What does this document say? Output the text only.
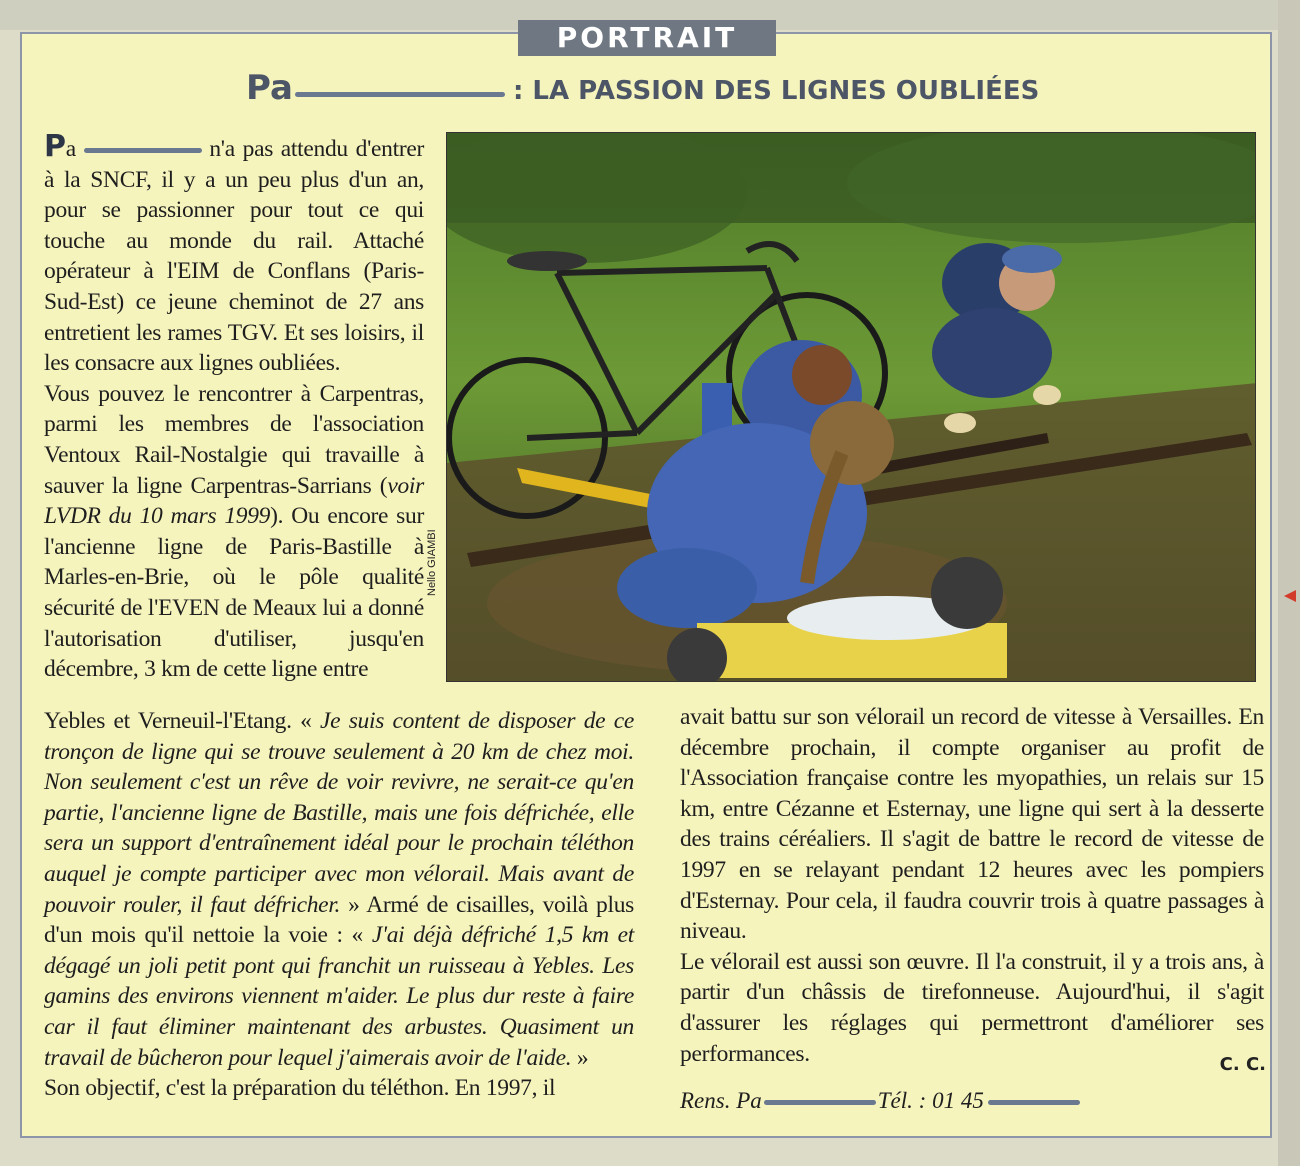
PORTRAIT
Pa	: LA PASSION DES LIGNES OUBLIÉES
Nello GIAMBI

Pa	n'a pas attendu d'entrer à la SNCF, il y a un peu plus d'un an, pour se passionner pour tout ce qui touche au monde du rail. Attaché opérateur à l'EIM de Conflans (Paris-Sud-Est) ce jeune cheminot de 27 ans entretient les rames TGV. Et ses loisirs, il les consacre aux lignes oubliées.

Vous pouvez le rencontrer à Carpentras, parmi les membres de l'association Ventoux Rail-Nostalgie qui travaille à sauver la ligne Carpentras-Sarrians (voir LVDR du 10 mars 1999). Ou encore sur l'ancienne ligne de Paris-Bastille à Marles-en-Brie, où le pôle qualité sécurité de l'EVEN de Meaux lui a donné l'autorisation d'utiliser, jusqu'en décembre, 3 km de cette ligne entre

Yebles et Verneuil-l'Etang. « Je suis content de disposer de ce tronçon de ligne qui se trouve seulement à 20 km de chez moi. Non seulement c'est un rêve de voir revivre, ne serait-ce qu'en partie, l'ancienne ligne de Bastille, mais une fois défrichée, elle sera un support d'entraînement idéal pour le prochain téléthon auquel je compte participer avec mon vélorail. Mais avant de pouvoir rouler, il faut défricher. » Armé de cisailles, voilà plus d'un mois qu'il nettoie la voie : « J'ai déjà défriché 1,5 km et dégagé un joli petit pont qui franchit un ruisseau à Yebles. Les gamins des environs viennent m'aider. Le plus dur reste à faire car il faut éliminer maintenant des arbustes. Quasiment un travail de bûcheron pour lequel j'aimerais avoir de l'aide. »

Son objectif, c'est la préparation du téléthon. En 1997, il

avait battu sur son vélorail un record de vitesse à Versailles. En décembre prochain, il compte organiser au profit de l'Association française contre les myopathies, un relais sur 15 km, entre Cézanne et Esternay, une ligne qui sert à la desserte des trains céréaliers. Il s'agit de battre le record de vitesse de 1997 en se relayant pendant 12 heures avec les pompiers d'Esternay. Pour cela, il faudra couvrir trois à quatre passages à niveau.

Le vélorail est aussi son œuvre. Il l'a construit, il y a trois ans, à partir d'un châssis de tirefonneuse. Aujourd'hui, il s'agit d'assurer les réglages qui permettront d'améliorer ses performances.	C. C.
Rens. Pa	Tél. : 01 45
